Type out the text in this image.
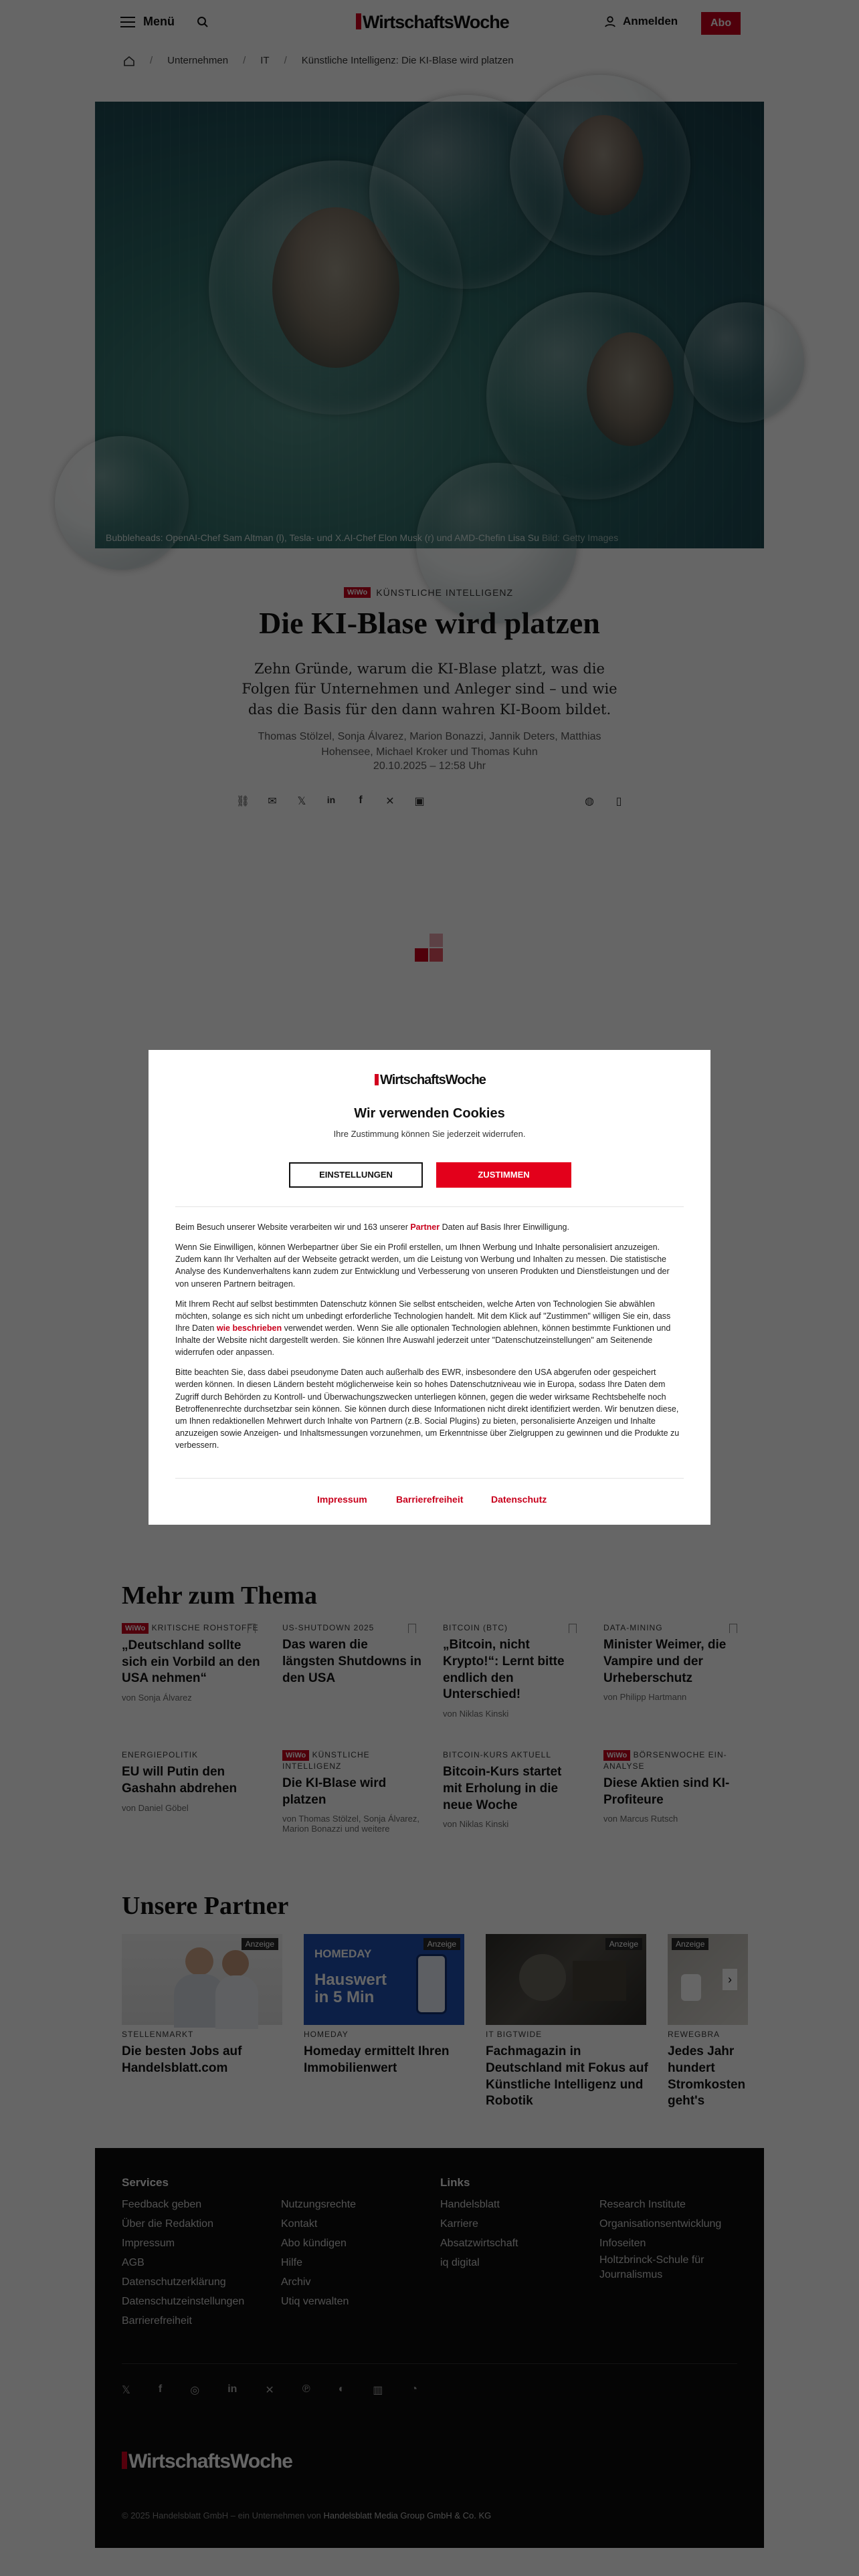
WirtschaftsWoche
Wir verwenden Cookies
Ihre Zustimmung können Sie jederzeit widerrufen.
EINSTELLUNGEN	ZUSTIMMEN

Beim Besuch unserer Website verarbeiten wir und 163 unserer Partner Daten auf Basis Ihrer Einwilligung.

Wenn Sie Einwilligen, können Werbepartner über Sie ein Profil erstellen, um Ihnen Werbung und Inhalte personalisiert anzuzeigen. Zudem kann Ihr Verhalten auf der Webseite getrackt werden, um die Leistung von Werbung und Inhalten zu messen. Die statistische Analyse des Kundenverhaltens kann zudem zur Entwicklung und Verbesserung von unseren Produkten und Dienstleistungen und der von unseren Partnern beitragen.

Mit Ihrem Recht auf selbst bestimmten Datenschutz können Sie selbst entscheiden, welche Arten von Technologien Sie abwählen möchten, solange es sich nicht um unbedingt erforderliche Technologien handelt. Mit dem Klick auf "Zustimmen" willigen Sie ein, dass Ihre Daten wie beschrieben verwendet werden. Wenn Sie alle optionalen Technologien ablehnen, können bestimmte Funktionen und Inhalte der Website nicht dargestellt werden. Sie können Ihre Auswahl jederzeit unter "Datenschutzeinstellungen" am Seitenende widerrufen oder anpassen.

Bitte beachten Sie, dass dabei pseudonyme Daten auch außerhalb des EWR, insbesondere den USA abgerufen oder gespeichert werden können. In diesen Ländern besteht möglicherweise kein so hohes Datenschutzniveau wie in Europa, sodass Ihre Daten dem Zugriff durch Behörden zu Kontroll- und Überwachungszwecken unterliegen können, gegen die weder wirksame Rechtsbehelfe noch Betroffenenrechte durchsetzbar sein können. Sie können durch diese Informationen nicht direkt identifiziert werden. Wir benutzen diese, um Ihnen redaktionellen Mehrwert durch Inhalte von Partnern (z.B. Social Plugins) zu bieten, personalisierte Anzeigen und Inhalte anzuzeigen sowie Anzeigen- und Inhaltsmessungen vorzunehmen, um Erkenntnisse über Zielgruppen zu gewinnen und die Produkte zu verbessern.

Impressum	Barrierefreiheit	Datenschutz
